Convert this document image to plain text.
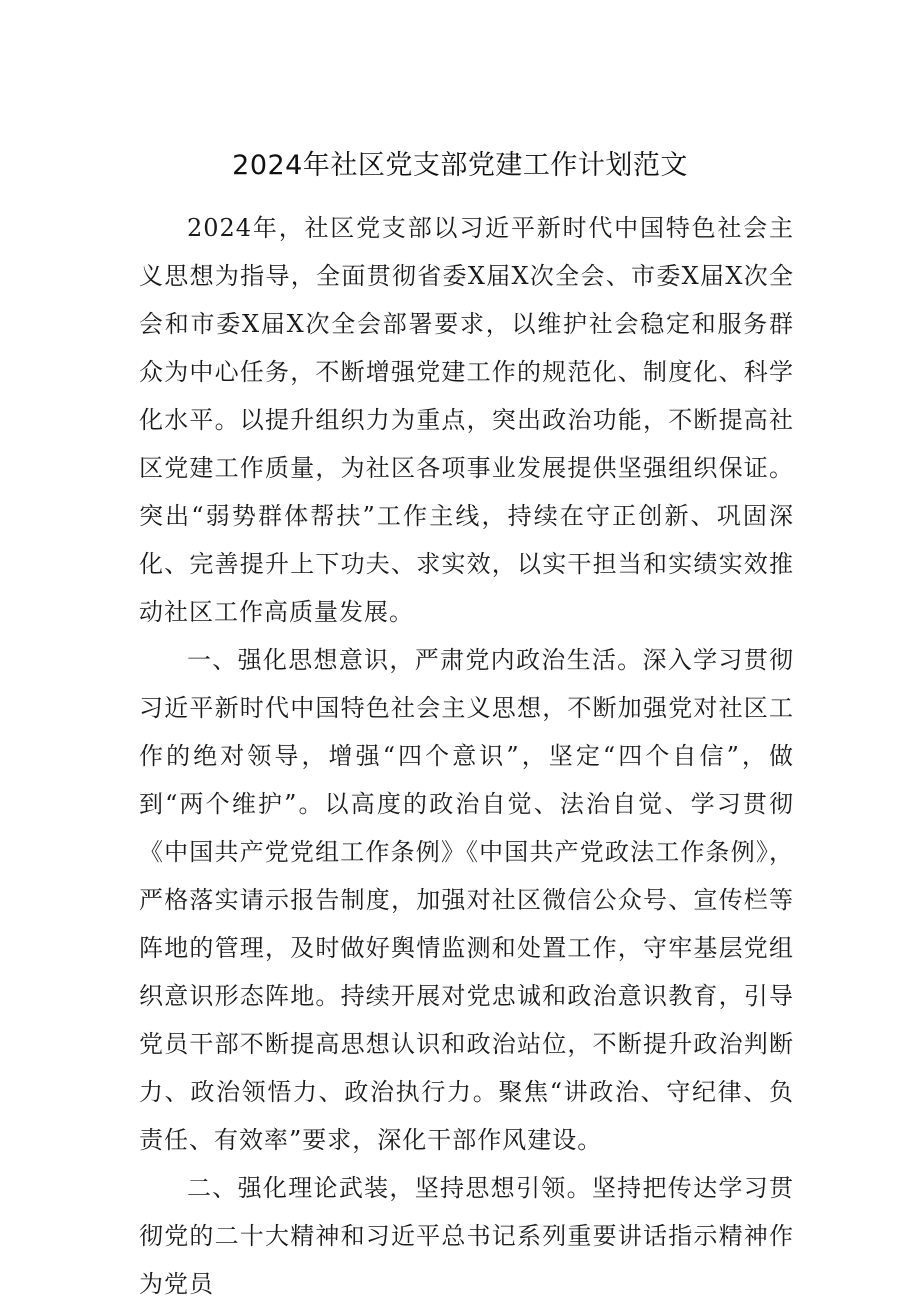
2024年社区党支部党建工作计划范文

2024年，社区党支部以习近平新时代中国特色社会主义思想为指导，全面贯彻省委X届X次全会、市委X届X次全会和市委X届X次全会部署要求，以维护社会稳定和服务群众为中心任务，不断增强党建工作的规范化、制度化、科学化水平。以提升组织力为重点，突出政治功能，不断提高社区党建工作质量，为社区各项事业发展提供坚强组织保证。突出“弱势群体帮扶”工作主线，持续在守正创新、巩固深化、完善提升上下功夫、求实效，以实干担当和实绩实效推动社区工作高质量发展。

一、强化思想意识，严肃党内政治生活。深入学习贯彻习近平新时代中国特色社会主义思想，不断加强党对社区工作的绝对领导，增强“四个意识”，坚定“四个自信”，做到“两个维护”。以高度的政治自觉、法治自觉、学习贯彻《中国共产党党组工作条例》《中国共产党政法工作条例》，严格落实请示报告制度，加强对社区微信公众号、宣传栏等阵地的管理，及时做好舆情监测和处置工作，守牢基层党组织意识形态阵地。持续开展对党忠诚和政治意识教育，引导党员干部不断提高思想认识和政治站位，不断提升政治判断力、政治领悟力、政治执行力。聚焦“讲政治、守纪律、负责任、有效率”要求，深化干部作风建设。

二、强化理论武装，坚持思想引领。坚持把传达学习贯彻党的二十大精神和习近平总书记系列重要讲话指示精神作为党员
